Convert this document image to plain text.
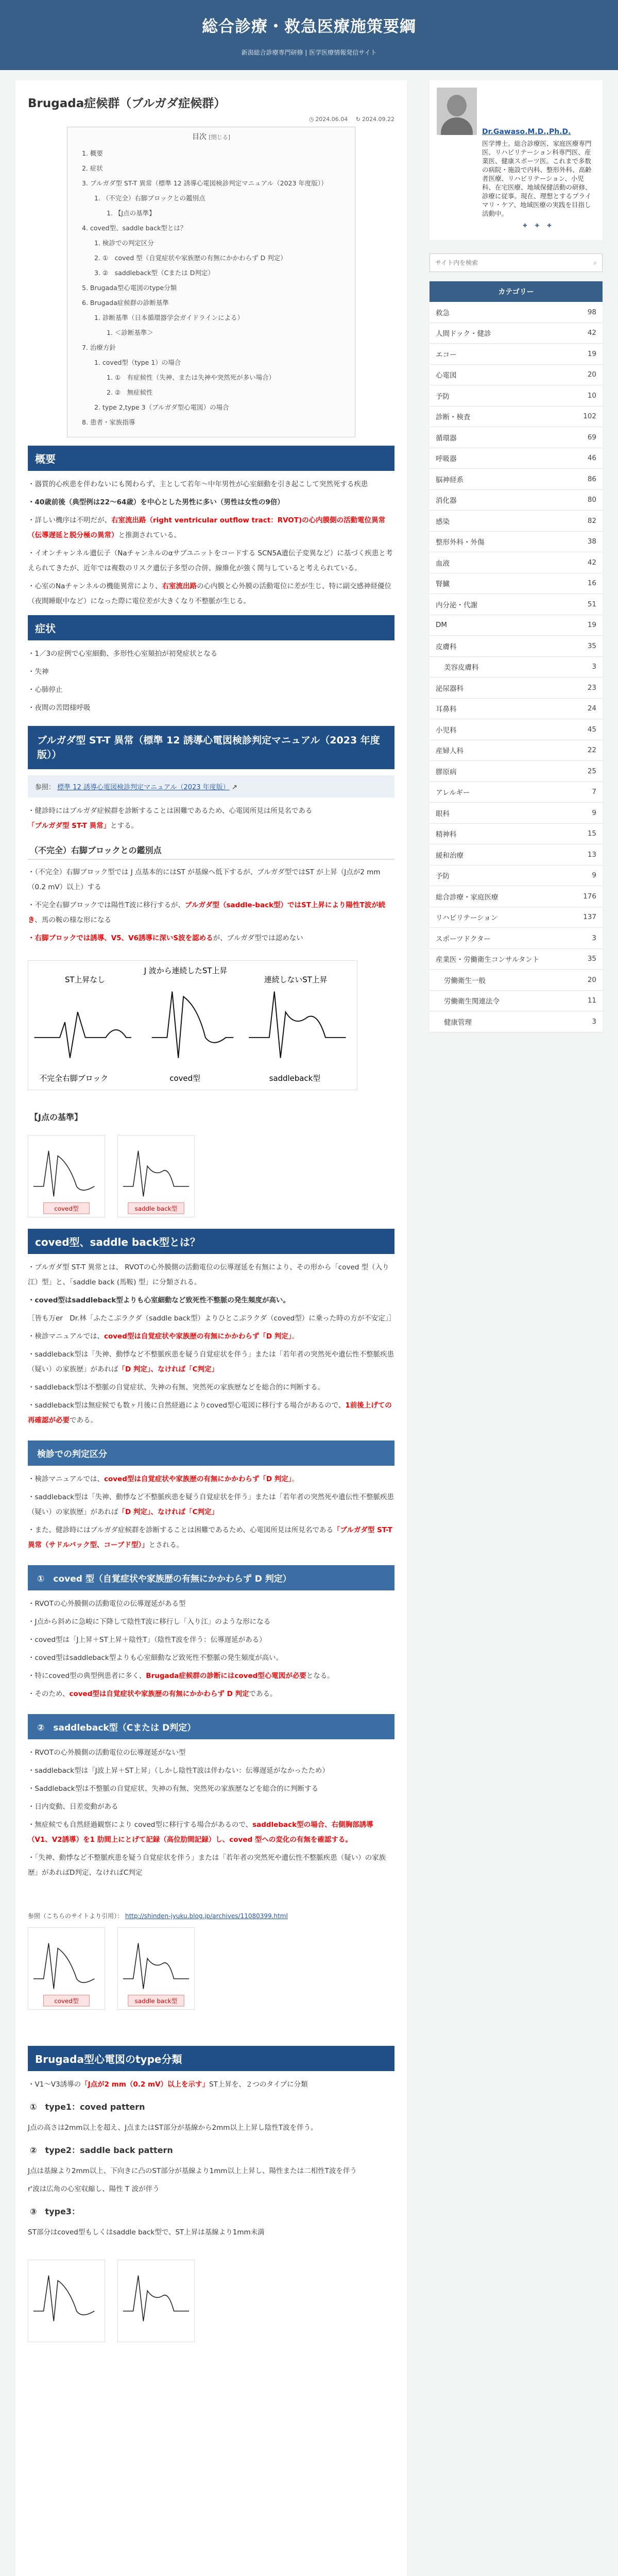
総合診療・救急医療施策要綱
新潟総合診療専門研修 | 医学医療情報発信サイト
Brugada症候群（ブルガダ症候群）
◷ 2024.06.04 ↻ 2024.09.22
目次 [閉じる]
1. 概要
2. 症状
3. ブルガダ型 ST-T 異常（標準 12 誘導心電図検診判定マニュアル（2023 年度版））
1. （不完全）右脚ブロックとの鑑別点
1. 【J点の基準】
4. coved型、saddle back型とは？
1. 検診での判定区分
2. ①　coved 型（自覚症状や家族歴の有無にかかわらず D 判定）
3. ②　saddleback型（Cまたは D判定）
5. Brugada型心電図のtype分類
6. Brugada症候群の診断基準
1. 診断基準（日本循環器学会ガイドラインによる）
1. ＜診断基準＞
7. 治療方針
1. coved型（type 1）の場合
1. ①　有症候性（失神、または失神や突然死が多い場合）
2. ②　無症候性
2. type 2,type 3（ブルガダ型心電図）の場合
8. 患者・家族指導
概要

・器質的心疾患を伴わないにも関わらず、主として若年〜中年男性が心室細動を引き起こして突然死する疾患

・40歳前後（典型例は22〜64歳）を中心とした男性に多い（男性は女性の9倍）

・詳しい機序は不明だが、右室流出路（right ventricular outflow tract：RVOT)の心内膜側の活動電位異常（伝導遅延と脱分極の異常）と推測されている。

・イオンチャンネル遺伝子（Naチャンネルのαサブユニットをコードする SCN5A遺伝子変異など）に基づく疾患と考えられてきたが、近年では複数のリスク遺伝子多型の合併、線維化が強く関与していると考えられている。

・心室のNaチャンネルの機能異常により、右室流出路の心内膜と心外膜の活動電位に差が生じ、特に副交感神経優位（夜間睡眠中など）になった際に電位差が大きくなり不整脈が生じる。

症状

・1／3の症例で心室細動、多形性心室頻拍が初発症状となる

・失神

・心肺停止

・夜間の苦悶様呼吸

ブルガダ型 ST-T 異常（標準 12 誘導心電図検診判定マニュアル（2023 年度版））
参照： 標準 12 誘導心電図検診判定マニュアル（2023 年度版） ↗

・健診時にはブルガダ症候群を診断することは困難であるため、心電図所見は所見名である「ブルガダ型 ST-T 異常」とする。

（不完全）右脚ブロックとの鑑別点

・（不完全）右脚ブロック型では J 点基本的にはST が基線へ低下するが、ブルガダ型ではST が上昇（J点が2 mm（0.2 mV）以上）する

・不完全右脚ブロックでは陽性T波に移行するが、ブルガダ型（saddle-back型）ではST上昇により陽性T波が続き、馬の鞍の様な形になる

・右脚ブロックでは誘導、V5、V6誘導に深いS波を認めるが、ブルガダ型では認めない

ST上昇なし
J 波から連続したST上昇
連続しないST上昇
不完全右脚ブロック	coved型	saddleback型
【J点の基準】
coved型	saddle back型
coved型、saddle back型とは？

・ブルガダ型 ST-T 異常とは、 RVOTの心外膜側の活動電位の伝導遅延を有無により、その形から「coved 型（入り江）型」と、「saddle back (馬鞍) 型」に分類される。

・coved型はsaddleback型よりも心室細動など致死性不整脈の発生頻度が高い。

［皆も万er　Dr.林「ふたこぶラクダ（saddle back型）よりひとこぶラクダ（coved型）に乗った時の方が不安定」］

・検診マニュアルでは、coved型は自覚症状や家族歴の有無にかかわらず「D 判定」。

・saddleback型は「失神、動悸など不整脈疾患を疑う自覚症状を伴う」または「若年者の突然死や遺伝性不整脈疾患（疑い）の家族歴」があれば「D 判定」、なければ「C判定」

・saddleback型は不整脈の自覚症状、失神の有無、突然死の家族歴などを総合的に判断する。

・saddleback型は無症候でも数ヶ月後に自然経過によりcoved型心電図に移行する場合があるので、1前後上げての再確認が必要である。

検診での判定区分

・検診マニュアルでは、coved型は自覚症状や家族歴の有無にかかわらず「D 判定」。

・saddleback型は「失神、動悸など不整脈疾患を疑う自覚症状を伴う」または「若年者の突然死や遺伝性不整脈疾患（疑い）の家族歴」があれば「D 判定」、なければ「C判定」

・また、健診時にはブルガダ症候群を診断することは困難であるため、心電図所見は所見名である「ブルガダ型 ST-T 異常（サドルバック型、コーブド型）」とされる。

①　coved 型（自覚症状や家族歴の有無にかかわらず D 判定）

・RVOTの心外膜側の活動電位の伝導遅延がある型

・J点から斜めに急峻に下降して陰性T波に移行し「入り江」のような形になる

・coved型は「J上昇＋ST上昇＋陰性T」（陰性T波を伴う：伝導遅延がある）

・coved型はsaddleback型よりも心室細動など致死性不整脈の発生頻度が高い。

・特にcoved型の典型例患者に多く、Brugada症候群の診断にはcoved型心電図が必要となる。

・そのため、coved型は自覚症状や家族歴の有無にかかわらず D 判定である。

②　saddleback型（Cまたは D判定）

・RVOTの心外膜側の活動電位の伝導遅延がない型

・saddleback型は「J波上昇＋ST上昇」（しかし陰性T波は伴わない：伝導遅延がなかったため）

・Saddleback型は不整脈の自覚症状、失神の有無、突然死の家族歴などを総合的に判断する

・日内変動、日差変動がある

・無症候でも自然経過観察により coved型に移行する場合があるので、saddleback型の場合、右側胸部誘導（V1、V2誘導）を1 肋間上にとげて記録（高位肋間記録）し、coved 型への変化の有無を確認する。

・「失神、動悸など不整脈疾患を疑う自覚症状を伴う」または「若年者の突然死や遺伝性不整脈疾患（疑い）の家族歴」があればD判定、なければC判定

参照（こちらのサイトより引用）： http://shinden-jyuku.blog.jp/archives/11080399.html
coved型	saddle back型
Brugada型心電図のtype分類

・V1〜V3誘導の「J点が2 mm（0.2 mV）以上を示す」ST上昇を、２つのタイプに分類

①　type1：coved pattern

J点の高さは2mm以上を超え、J点またはST部分が基線から2mm以上上昇し陰性T波を伴う。

②　type2：saddle back pattern

J点は基線より2mm以上、下向きに凸のST部分が基線より1mm以上上昇し、陽性または二相性T波を伴う

r'波は広角の心室収縮し、陽性 T 波が伴う

③　type3：

ST部分はcoved型もしくはsaddle back型で、ST上昇は基線より1mm未満

Dr.Gawaso.M.D.,Ph.D.
医学博士。総合診療医、家庭医療専門医、リハビリテーション科専門医、産業医、健康スポーツ医。これまで多数の病院・施設で内科、整形外科、高齢者医療、リハビリテーション、小児科、在宅医療、地域保健活動の研修、診療に従事。現在、理想とするプライマリ・ケア、地域医療の実践を目指し活動中。
✚ ✚ ✚
サイト内を検索
⌕
カテゴリー
救急	98
人間ドック・健診	42
エコー	19
心電図	20
予防	10
診断・検査	102
循環器	69
呼吸器	46
脳神経系	86
消化器	80
感染	82
整形外科・外傷	38
血液	42
腎臓	16
内分泌・代謝	51
DM	19
皮膚科	35
美容皮膚科	3
泌尿器科	23
耳鼻科	24
小児科	45
産婦人科	22
膠原病	25
アレルギー	7
眼科	9
精神科	15
緩和治療	13
予防	9
総合診療・家庭医療	176
リハビリテーション	137
スポーツドクター	3
産業医・労働衛生コンサルタント	35
労働衛生一般	20
労働衛生関連法令	11
健康管理	3
